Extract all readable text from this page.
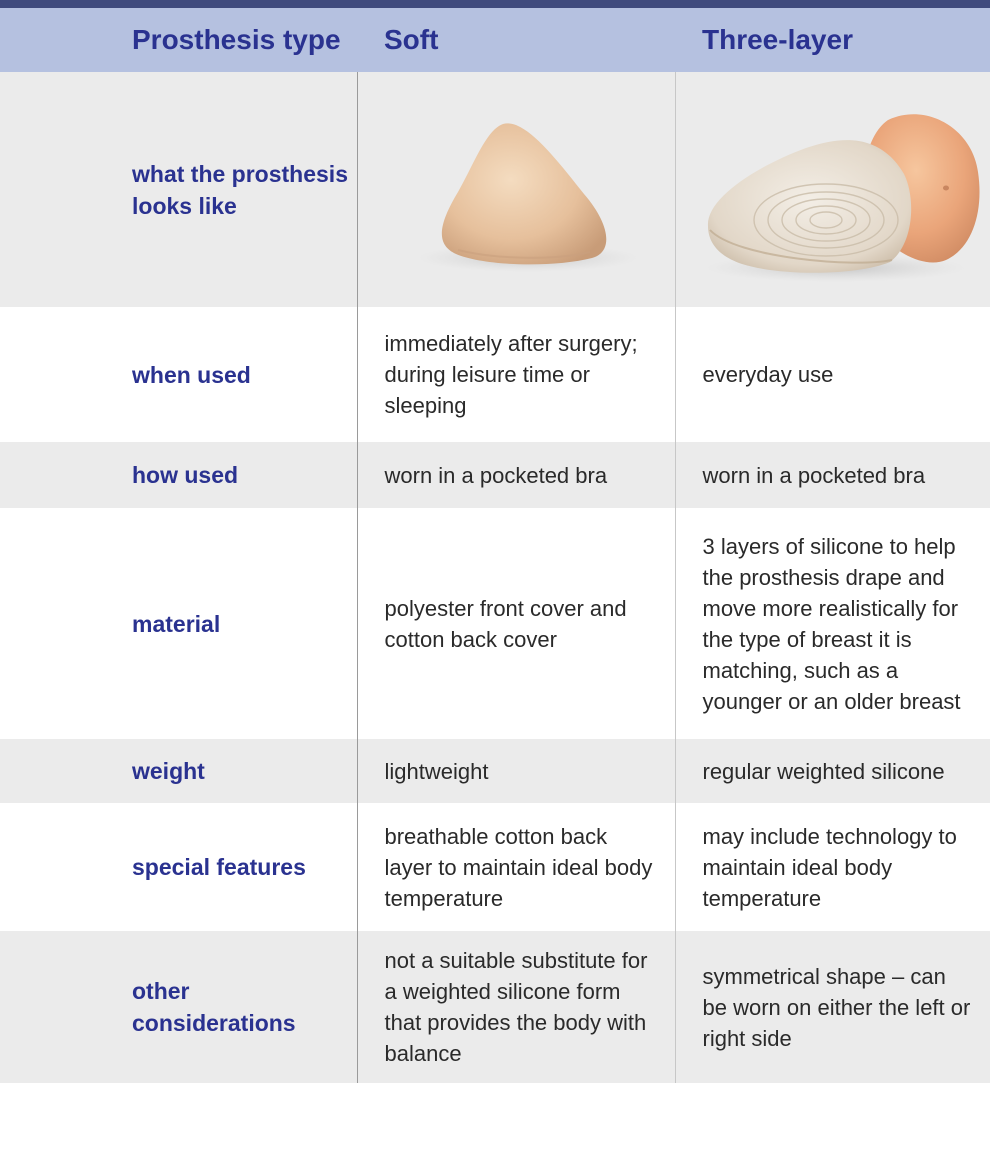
Prosthesis type	Soft	Three-layer
what the prosthesis looks like	

when used	immediately after surgery; during leisure time or sleeping	everyday use
how used	worn in a pocketed bra	worn in a pocketed bra
material	polyester front cover and cotton back cover	3 layers of silicone to help the prosthesis drape and move more realistically for the type of breast it is matching, such as a younger or an older breast
weight	lightweight	regular weighted silicone
special features	breathable cotton back layer to maintain ideal body temperature	may include technology to maintain ideal body temperature
other considerations	not a suitable substitute for a weighted silicone form that provides the body with balance	symmetrical shape – can be worn on either the left or right side
